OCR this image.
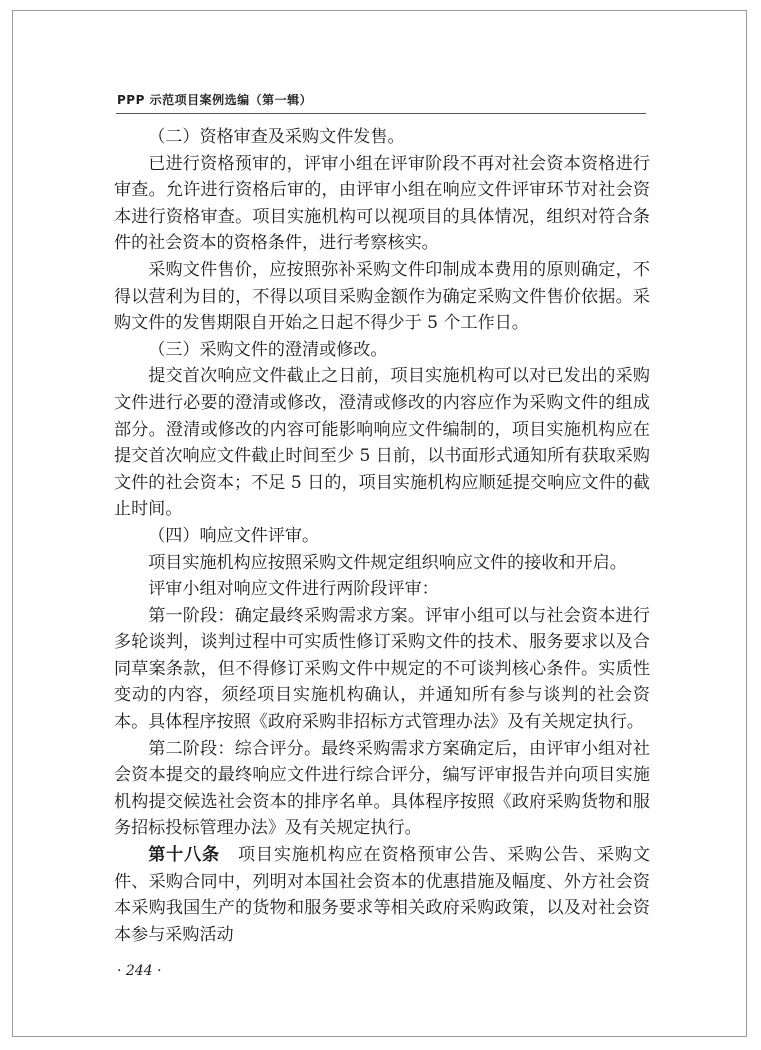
PPP 示范项目案例选编（第一辑）

（二）资格审查及采购文件发售。

已进行资格预审的，评审小组在评审阶段不再对社会资本资格进行审查。允许进行资格后审的，由评审小组在响应文件评审环节对社会资本进行资格审查。项目实施机构可以视项目的具体情况，组织对符合条件的社会资本的资格条件，进行考察核实。

采购文件售价，应按照弥补采购文件印制成本费用的原则确定，不得以营利为目的，不得以项目采购金额作为确定采购文件售价依据。采购文件的发售期限自开始之日起不得少于 5 个工作日。

（三）采购文件的澄清或修改。

提交首次响应文件截止之日前，项目实施机构可以对已发出的采购文件进行必要的澄清或修改，澄清或修改的内容应作为采购文件的组成部分。澄清或修改的内容可能影响响应文件编制的，项目实施机构应在提交首次响应文件截止时间至少 5 日前，以书面形式通知所有获取采购文件的社会资本；不足 5 日的，项目实施机构应顺延提交响应文件的截止时间。

（四）响应文件评审。

项目实施机构应按照采购文件规定组织响应文件的接收和开启。

评审小组对响应文件进行两阶段评审：

第一阶段：确定最终采购需求方案。评审小组可以与社会资本进行多轮谈判，谈判过程中可实质性修订采购文件的技术、服务要求以及合同草案条款，但不得修订采购文件中规定的不可谈判核心条件。实质性变动的内容，须经项目实施机构确认，并通知所有参与谈判的社会资本。具体程序按照《政府采购非招标方式管理办法》及有关规定执行。

第二阶段：综合评分。最终采购需求方案确定后，由评审小组对社会资本提交的最终响应文件进行综合评分，编写评审报告并向项目实施机构提交候选社会资本的排序名单。具体程序按照《政府采购货物和服务招标投标管理办法》及有关规定执行。

第十八条　项目实施机构应在资格预审公告、采购公告、采购文件、采购合同中，列明对本国社会资本的优惠措施及幅度、外方社会资本采购我国生产的货物和服务要求等相关政府采购政策，以及对社会资本参与采购活动

· 244 ·
